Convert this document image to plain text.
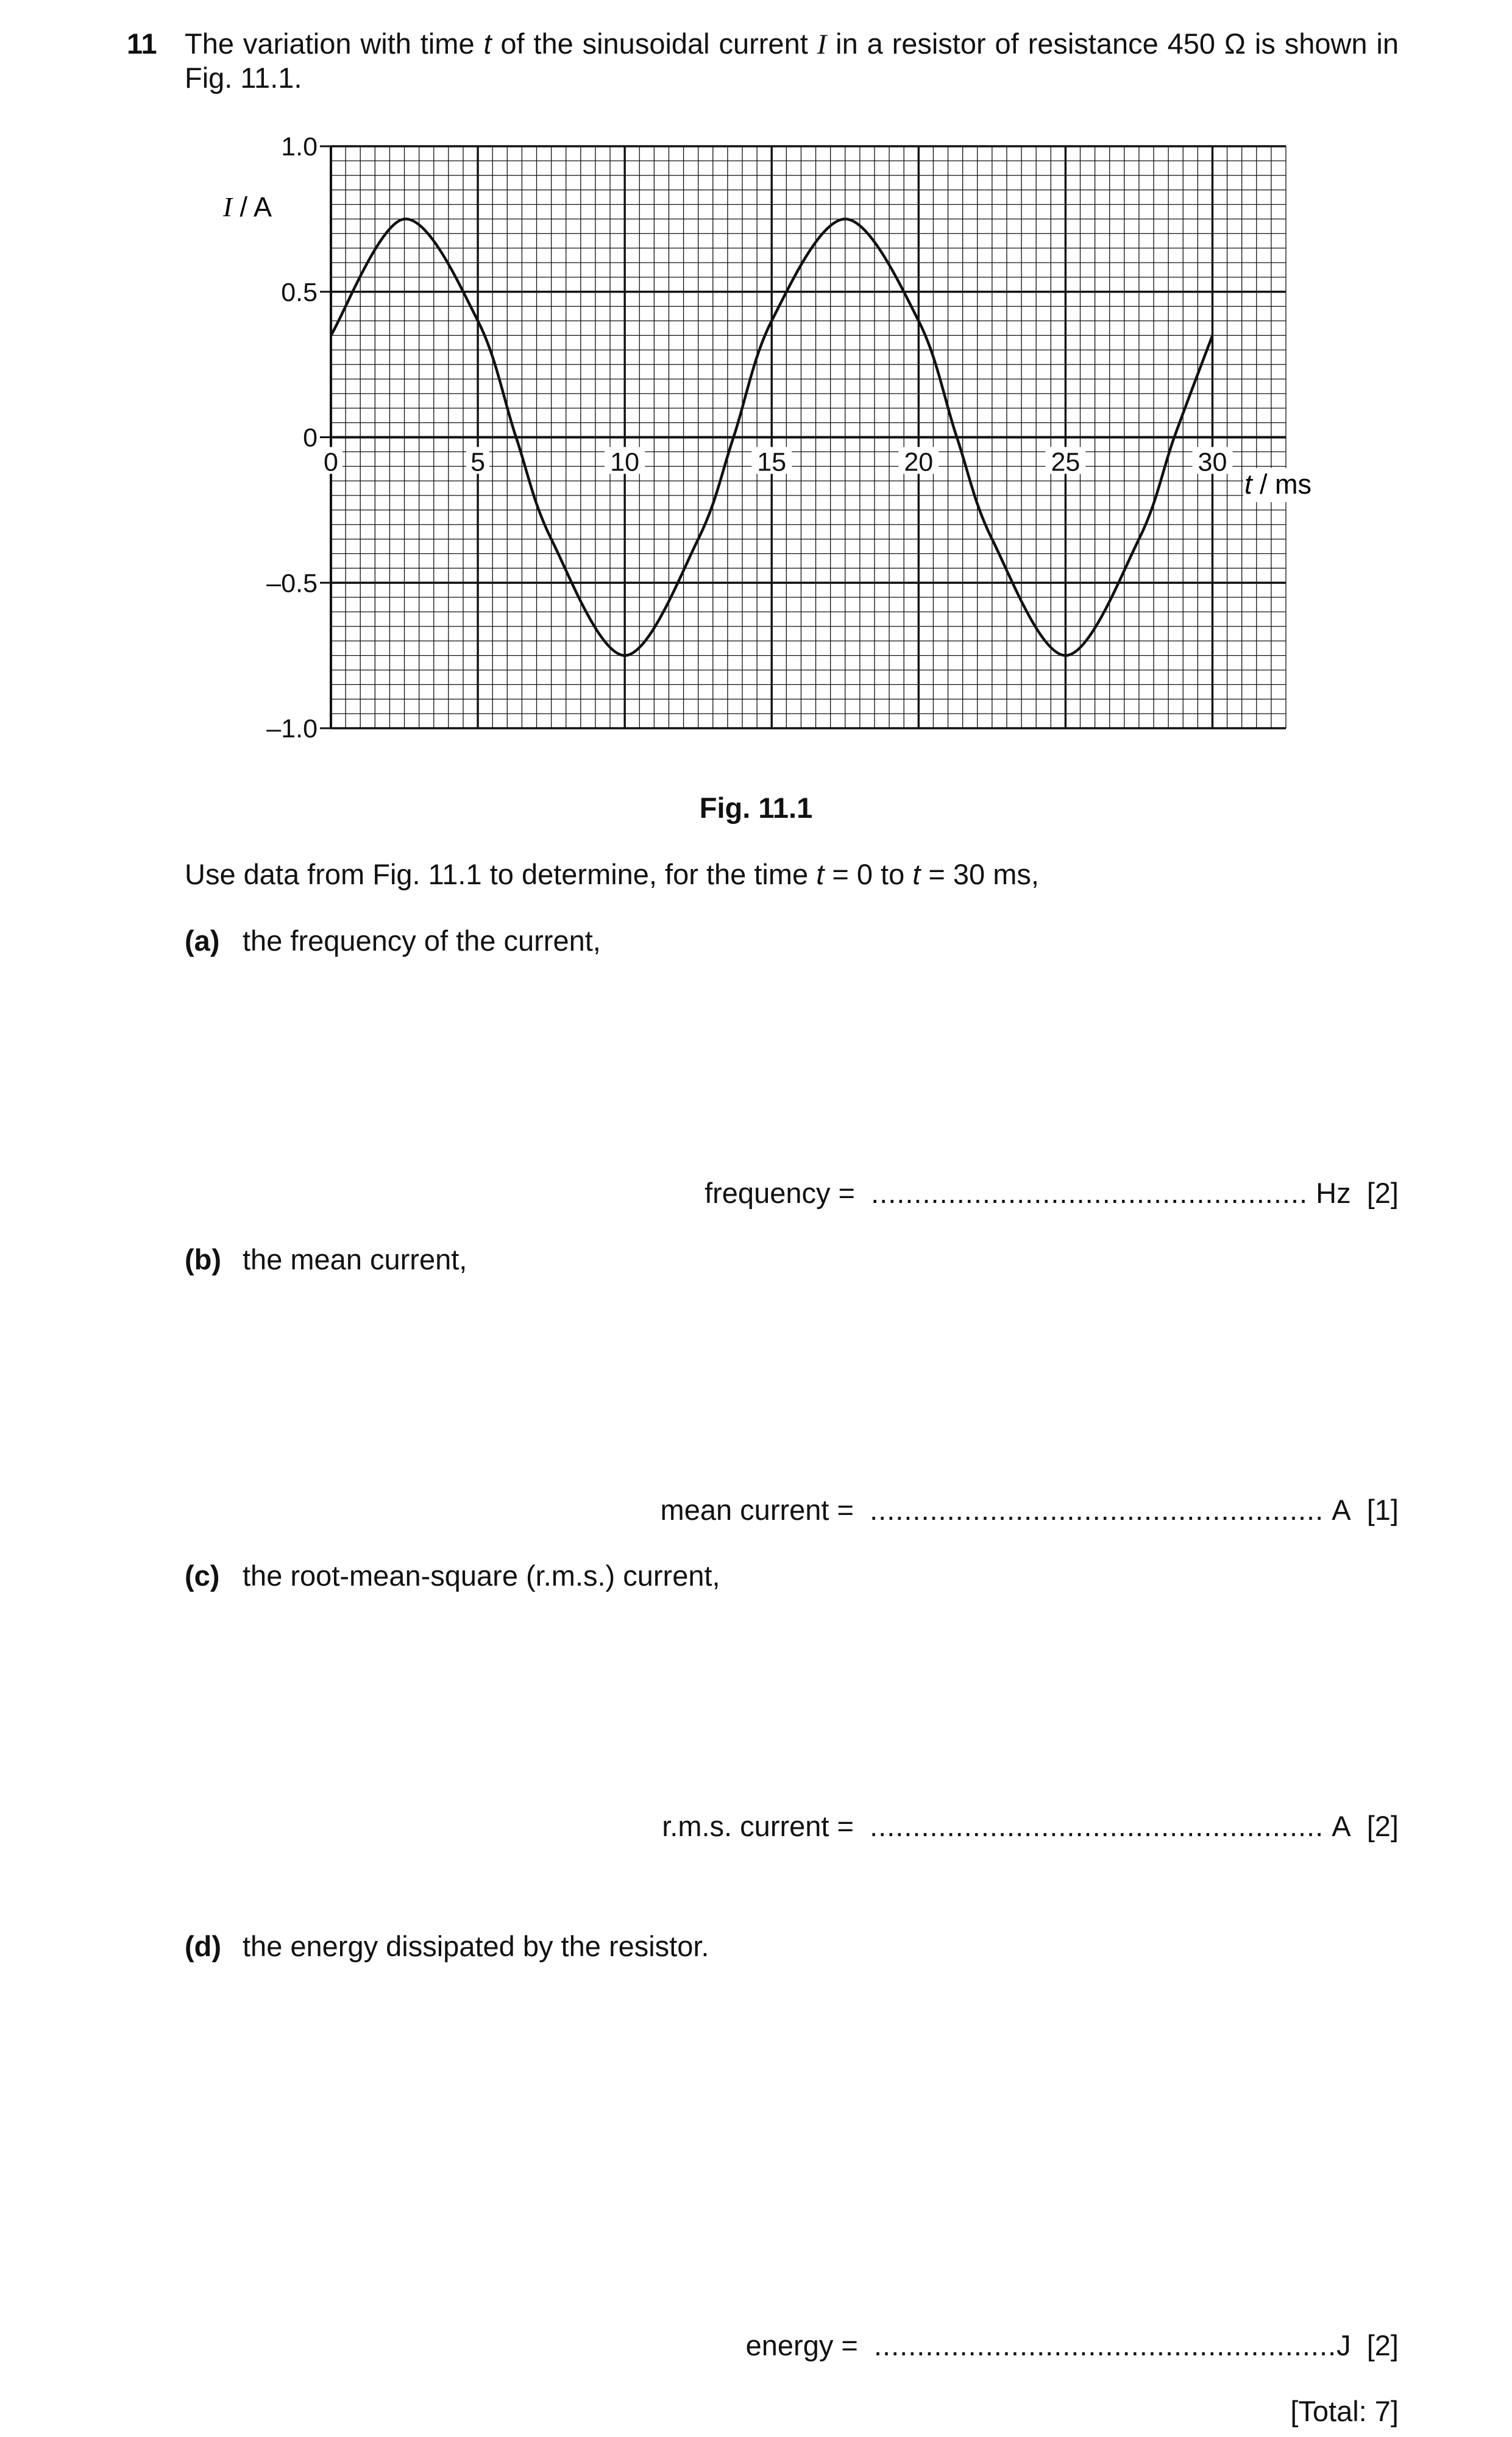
11 The variation with time t of the sinusoidal current I in a resistor of resistance 450 Ω is shown in
Fig. 11.1.
1.0
0.5
0
–0.5
–1.0
0	5	10	15	20	25	30
I / A
t / ms
Fig. 11.1
Use data from Fig. 11.1 to determine, for the time t = 0 to t = 30 ms,
(a) the frequency of the current,
frequency = ................................................... Hz [2]
(b) the mean current,
mean current = ..................................................... A [1]
(c) the root-mean-square (r.m.s.) current,
r.m.s. current = ..................................................... A [2]
(d) the energy dissipated by the resistor.
energy = ......................................................J [2]
[Total: 7]
